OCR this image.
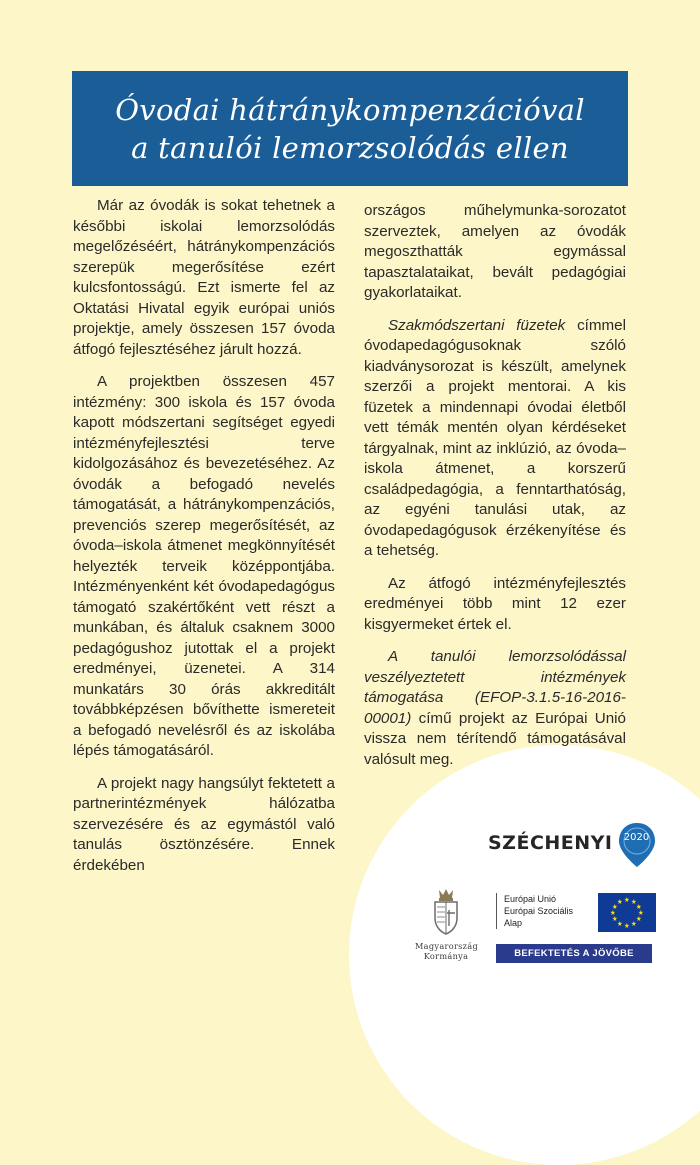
Óvodai hátránykompenzációval
a tanulói lemorzsolódás ellen

Már az óvodák is sokat tehetnek a későbbi iskolai lemorzsolódás megelőzéséért, hátránykompenzációs szerepük megerősítése ezért kulcsfontosságú. Ezt ismerte fel az Oktatási Hivatal egyik európai uniós projektje, amely összesen 157 óvoda átfogó fejlesztéséhez járult hozzá.

A projektben összesen 457 intézmény: 300 iskola és 157 óvoda kapott módszertani segítséget egyedi intézményfejlesztési terve kidolgozásához és bevezetéséhez. Az óvodák a befogadó nevelés támogatását, a hátránykompenzációs, prevenciós szerep megerősítését, az óvoda–iskola átmenet megkönnyítését helyezték terveik középpontjába. Intézményenként két óvodapedagógus támogató szakértőként vett részt a munkában, és általuk csaknem 3000 pedagógushoz jutottak el a projekt eredményei, üzenetei. A 314 munkatárs 30 órás akkreditált továbbképzésen bővíthette ismereteit a befogadó nevelésről és az iskolába lépés támogatásáról.

A projekt nagy hangsúlyt fektetett a partnerintézmények hálózatba szervezésére és az egymástól való tanulás ösztönzésére. Ennek érdekében

országos műhelymunka-sorozatot szerveztek, amelyen az óvodák megoszthatták egymással tapasztalataikat, bevált pedagógiai gyakorlataikat.

Szakmódszertani füzetek címmel óvodapedagógusoknak szóló kiadványsorozat is készült, amelynek szerzői a projekt mentorai. A kis füzetek a mindennapi óvodai életből vett témák mentén olyan kérdéseket tárgyalnak, mint az inklúzió, az óvoda–iskola átmenet, a korszerű családpedagógia, a fenntarthatóság, az egyéni tanulási utak, az óvodapedagógusok érzékenyítése és a tehetség.

Az átfogó intézményfejlesztés eredményei több mint 12 ezer kisgyermeket értek el.

A tanulói lemorzsolódással veszélyeztetett intézmények támogatása (EFOP-3.1.5-16-2016-00001) című projekt az Európai Unió vissza nem térítendő támogatásával valósult meg.

SZÉCHENYI	2020
Magyarország
Kormánya
Európai Unió
Európai Szociális
Alap
★ ★
★
★
★
★
★
★
★
★
★
★
BEFEKTETÉS A JÖVŐBE
